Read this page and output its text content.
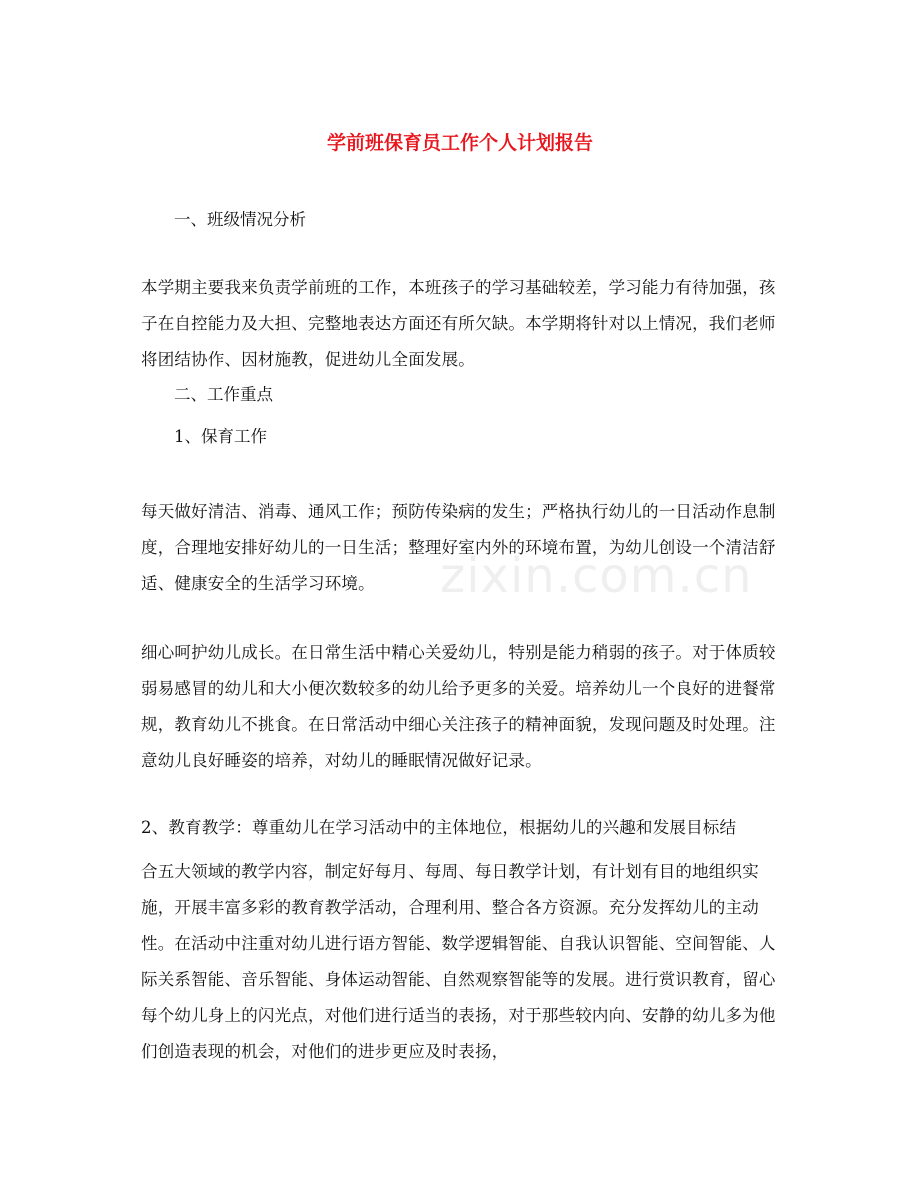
zixin.com.cn
学前班保育员工作个人计划报告

一、班级情况分析

本学期主要我来负责学前班的工作，本班孩子的学习基础较差，学习能力有待加强，孩子在自控能力及大担、完整地表达方面还有所欠缺。本学期将针对以上情况，我们老师将团结协作、因材施教，促进幼儿全面发展。

二、工作重点

1、保育工作

每天做好清洁、消毒、通风工作；预防传染病的发生；严格执行幼儿的一日活动作息制度，合理地安排好幼儿的一日生活；整理好室内外的环境布置，为幼儿创设一个清洁舒适、健康安全的生活学习环境。

细心呵护幼儿成长。在日常生活中精心关爱幼儿，特别是能力稍弱的孩子。对于体质较弱易感冒的幼儿和大小便次数较多的幼儿给予更多的关爱。培养幼儿一个良好的进餐常规，教育幼儿不挑食。在日常活动中细心关注孩子的精神面貌，发现问题及时处理。注意幼儿良好睡姿的培养，对幼儿的睡眠情况做好记录。

2、教育教学：尊重幼儿在学习活动中的主体地位，根据幼儿的兴趣和发展目标结

合五大领域的教学内容，制定好每月、每周、每日教学计划，有计划有目的地组织实施，开展丰富多彩的教育教学活动，合理利用、整合各方资源。充分发挥幼儿的主动性。在活动中注重对幼儿进行语方智能、数学逻辑智能、自我认识智能、空间智能、人际关系智能、音乐智能、身体运动智能、自然观察智能等的发展。进行赏识教育，留心每个幼儿身上的闪光点，对他们进行适当的表扬，对于那些较内向、安静的幼儿多为他们创造表现的机会，对他们的进步更应及时表扬，
